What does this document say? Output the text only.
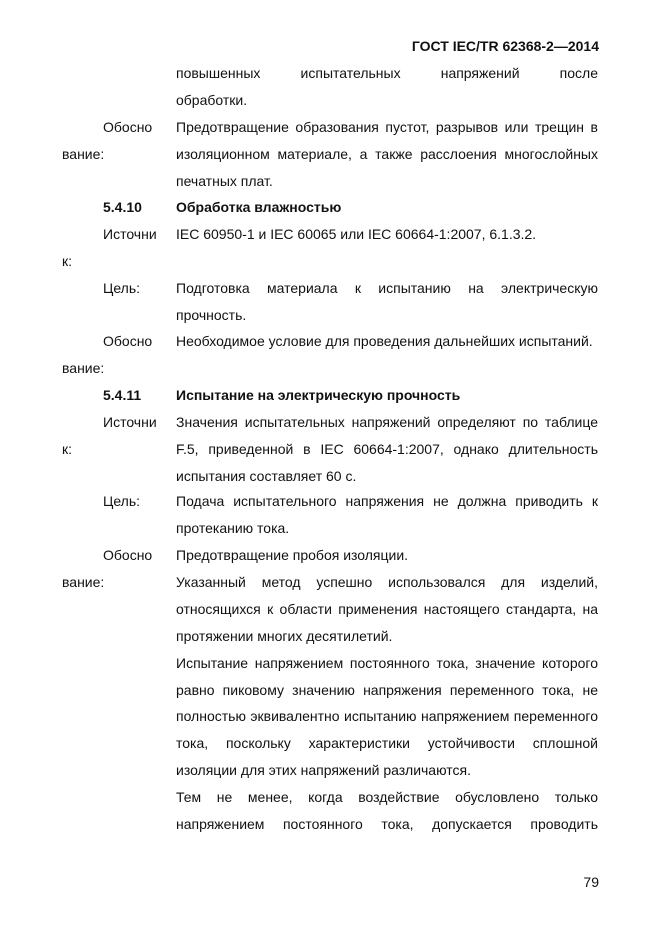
ГОСТ IEC/TR 62368-2—2014
повышенных испытательных напряжений после
обработки.
Обосно
вание:
Предотвращение образования пустот, разрывов или трещин в изоляционном материале, а также расслоения многослойных печатных плат.
5.4.10 Обработка влажностью
Источни
к:
IEC 60950-1 и IEC 60065 или IEC 60664-1:2007, 6.1.3.2.
Цель:	Подготовка материала к испытанию на электрическую прочность.
Обосно
вание:
Необходимое условие для проведения дальнейших испытаний.
5.4.11 Испытание на электрическую прочность
Источни
к:
Значения испытательных напряжений определяют по таблице F.5, приведенной в IEC 60664-1:2007, однако длительность испытания составляет 60 с.
Цель:	Подача испытательного напряжения не должна приводить к протеканию тока.
Обосно
вание:
Предотвращение пробоя изоляции.
Указанный метод успешно использовался для изделий, относящихся к области применения настоящего стандарта, на протяжении многих десятилетий.
Испытание напряжением постоянного тока, значение которого равно пиковому значению напряжения переменного тока, не полностью эквивалентно испытанию напряжением переменного тока, поскольку характеристики устойчивости сплошной изоляции для этих напряжений различаются.
Тем не менее, когда воздействие обусловлено только напряжением постоянного тока, допускается проводить
79
